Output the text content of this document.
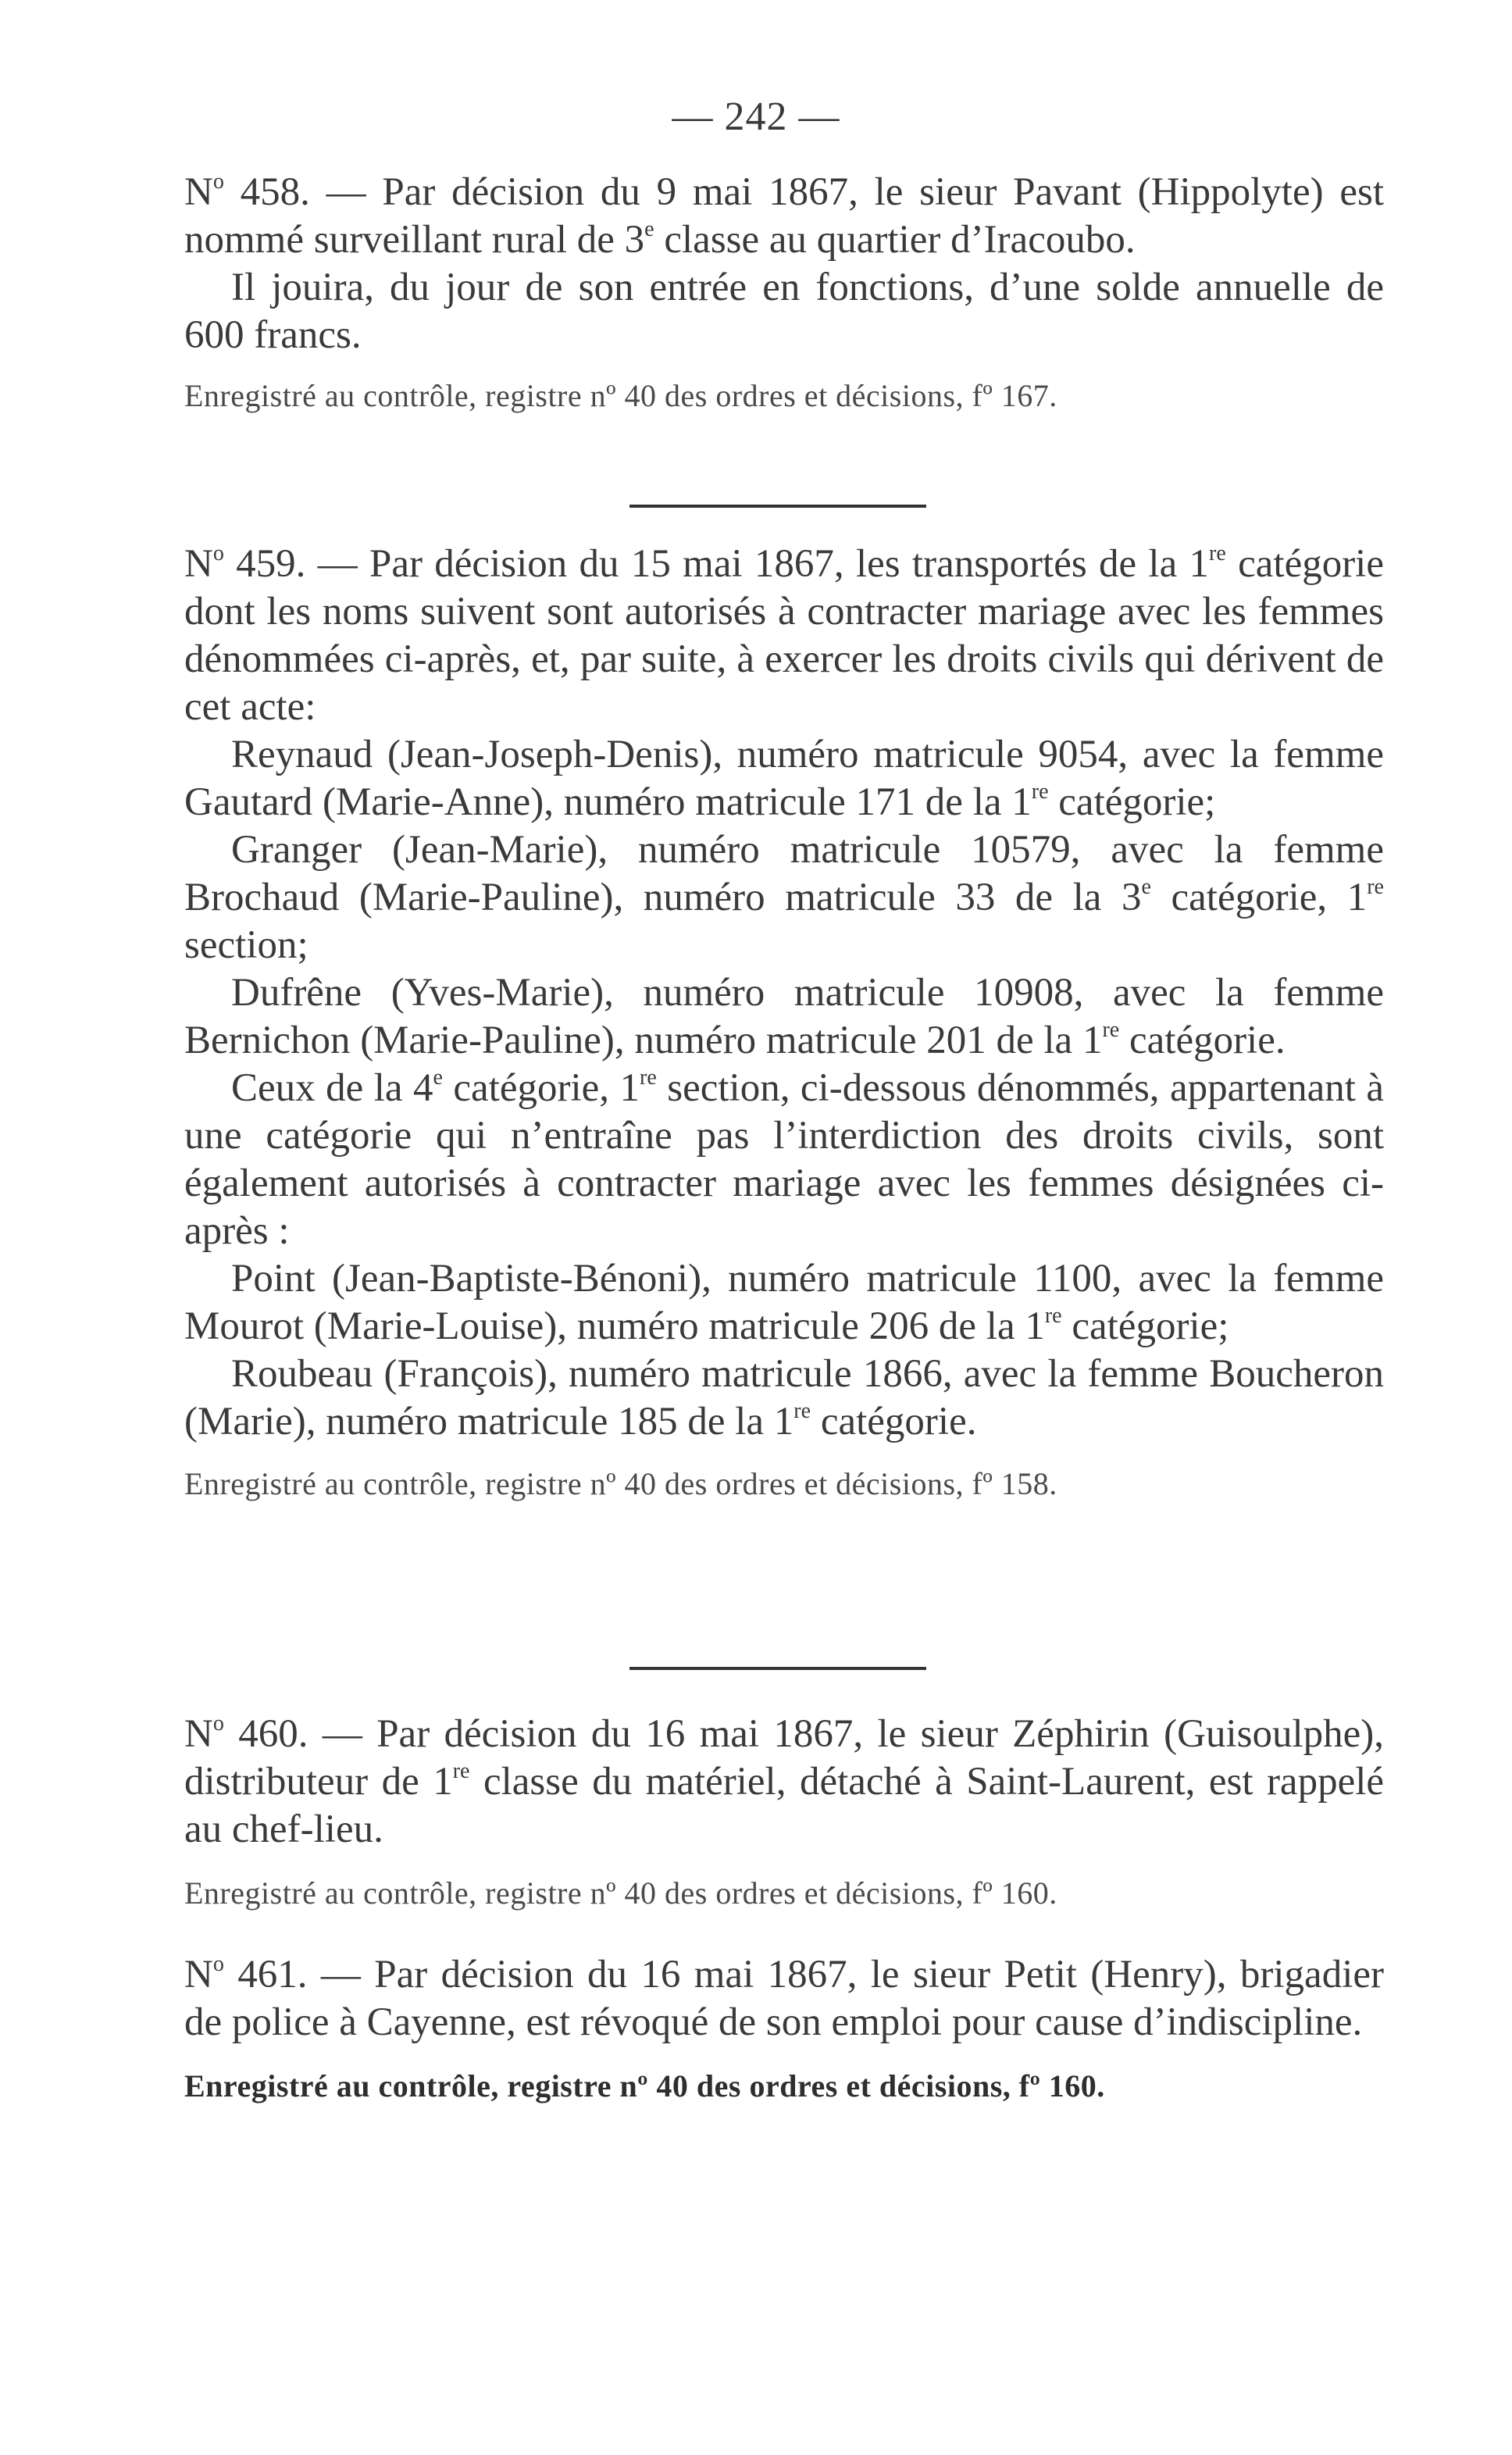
— 242 —

$N^o$ 458. — Par décision du 9 mai 1867, le sieur Pavant (Hippolyte) est nommé surveillant rural de 3e classe au quartier d’Iracoubo.

Il jouira, du jour de son entrée en fonctions, d’une solde annuelle de 600 francs.

Enregistré au contrôle, registre nº 40 des ordres et décisions, fº 167.

$N^o$ 459. — Par décision du 15 mai 1867, les transportés de la 1re catégorie dont les noms suivent sont autorisés à contracter mariage avec les femmes dénommées ci-après, et, par suite, à exercer les droits civils qui dérivent de cet acte:

Reynaud (Jean-Joseph-Denis), numéro matricule 9054, avec la femme Gautard (Marie-Anne), numéro matricule 171 de la 1re catégorie;

Granger (Jean-Marie), numéro matricule 10579, avec la femme Brochaud (Marie-Pauline), numéro matricule 33 de la 3e catégorie, 1re section;

Dufrêne (Yves-Marie), numéro matricule 10908, avec la femme Bernichon (Marie-Pauline), numéro matricule 201 de la 1re catégorie.

Ceux de la 4e catégorie, 1re section, ci-dessous dénommés, appartenant à une catégorie qui n’entraîne pas l’interdiction des droits civils, sont également autorisés à contracter mariage avec les femmes désignées ci-après :

Point (Jean-Baptiste-Bénoni), numéro matricule 1100, avec la femme Mourot (Marie-Louise), numéro matricule 206 de la 1re catégorie;

Roubeau (François), numéro matricule 1866, avec la femme Boucheron (Marie), numéro matricule 185 de la 1re catégorie.

Enregistré au contrôle, registre nº 40 des ordres et décisions, fº 158.

$N^o$ 460. — Par décision du 16 mai 1867, le sieur Zéphirin (Guisoulphe), distributeur de 1re classe du matériel, détaché à Saint-Laurent, est rappelé au chef-lieu.

Enregistré au contrôle, registre nº 40 des ordres et décisions, fº 160.

$N^o$ 461. — Par décision du 16 mai 1867, le sieur Petit (Henry), brigadier de police à Cayenne, est révoqué de son emploi pour cause d’indiscipline.

Enregistré au contrôle, registre nº 40 des ordres et décisions, fº 160.
